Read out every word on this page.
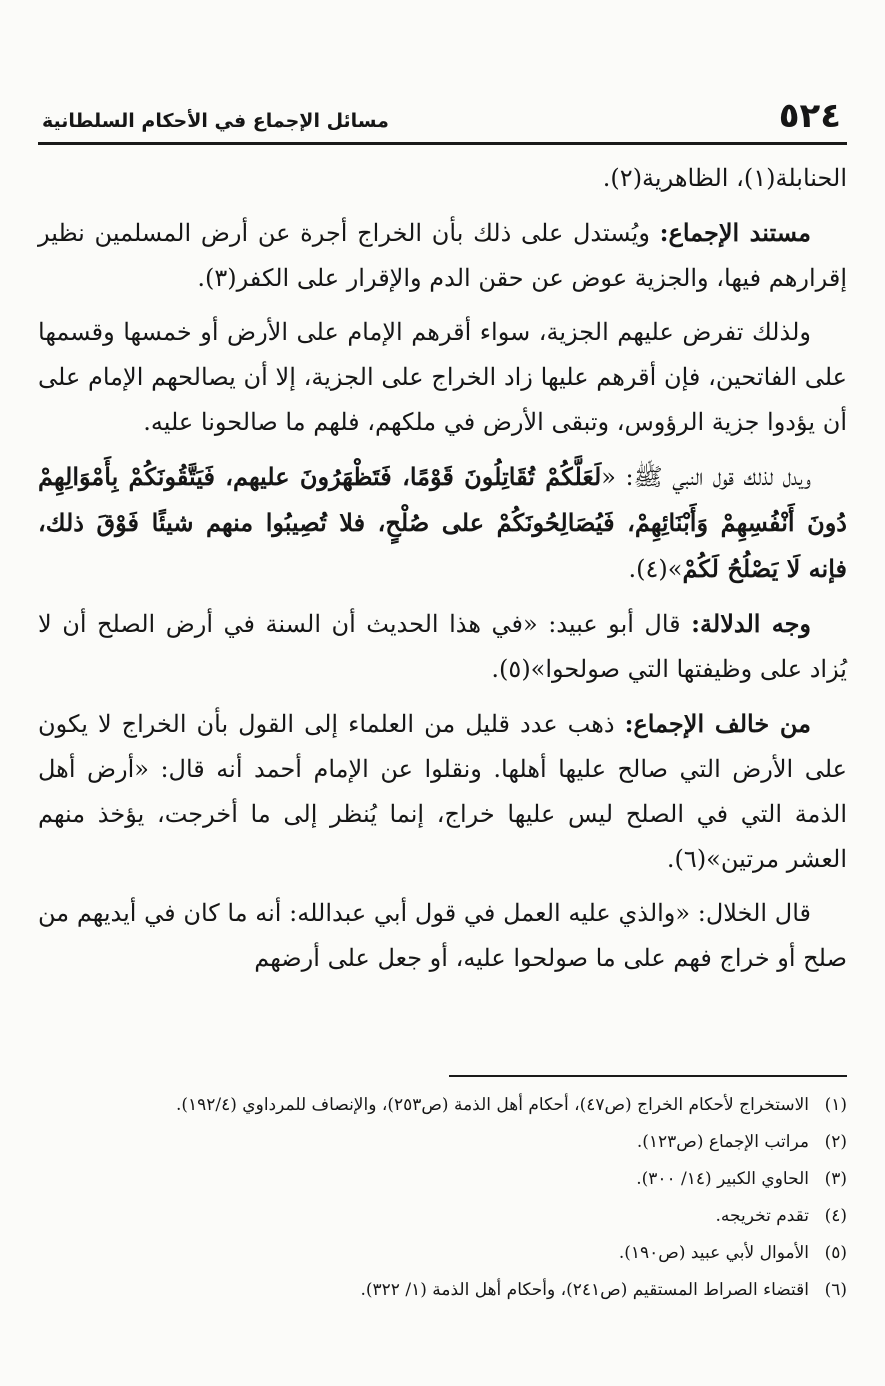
٥٢٤
مسائل الإجماع في الأحكام السلطانية

الحنابلة(١)، الظاهرية(٢).

مستند الإجماع: ويُستدل على ذلك بأن الخراج أجرة عن أرض المسلمين نظير إقرارهم فيها، والجزية عوض عن حقن الدم والإقرار على الكفر(٣).

ولذلك تفرض عليهم الجزية، سواء أقرهم الإمام على الأرض أو خمسها وقسمها على الفاتحين، فإن أقرهم عليها زاد الخراج على الجزية، إلا أن يصالحهم الإمام على أن يؤدوا جزية الرؤوس، وتبقى الأرض في ملكهم، فلهم ما صالحونا عليه.

ويدل لذلك قول النبي ﷺ: «لَعَلَّكُمْ تُقَاتِلُونَ قَوْمًا، فَتَظْهَرُونَ عليهم، فَيَتَّقُونَكُمْ بِأَمْوَالِهِمْ دُونَ أَنْفُسِهِمْ وَأَبْنَائِهِمْ، فَيُصَالِحُونَكُمْ على صُلْحٍ، فلا تُصِيبُوا منهم شيئًا فَوْقَ ذلك، فإنه لَا يَصْلُحُ لَكُمْ»(٤).

وجه الدلالة: قال أبو عبيد: «في هذا الحديث أن السنة في أرض الصلح أن لا يُزاد على وظيفتها التي صولحوا»(٥).

من خالف الإجماع: ذهب عدد قليل من العلماء إلى القول بأن الخراج لا يكون على الأرض التي صالح عليها أهلها. ونقلوا عن الإمام أحمد أنه قال: «أرض أهل الذمة التي في الصلح ليس عليها خراج، إنما يُنظر إلى ما أخرجت، يؤخذ منهم العشر مرتين»(٦).

قال الخلال: «والذي عليه العمل في قول أبي عبدالله: أنه ما كان في أيديهم من صلح أو خراج فهم على ما صولحوا عليه، أو جعل على أرضهم

(١)
الاستخراج لأحكام الخراج (ص٤٧)، أحكام أهل الذمة (ص٢٥٣)، والإنصاف للمرداوي (١٩٢/٤).
(٢)
مراتب الإجماع (ص١٢٣).
(٣)
الحاوي الكبير (١٤/ ٣٠٠).
(٤)
تقدم تخريجه.
(٥)
الأموال لأبي عبيد (ص١٩٠).
(٦)
اقتضاء الصراط المستقيم (ص٢٤١)، وأحكام أهل الذمة (١/ ٣٢٢).
